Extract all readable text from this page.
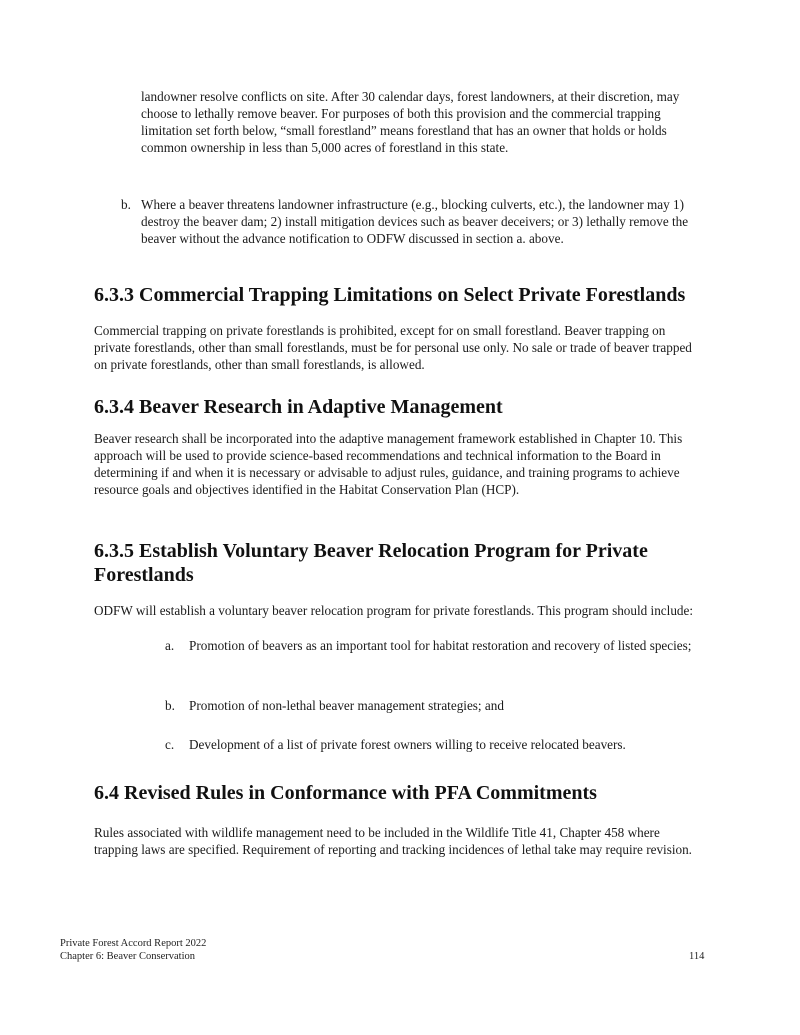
landowner resolve conflicts on site. After 30 calendar days, forest landowners, at their discretion, may choose to lethally remove beaver. For purposes of both this provision and the commercial trapping limitation set forth below, “small forestland” means forestland that has an owner that holds or holds common ownership in less than 5,000 acres of forestland in this state.

b. Where a beaver threatens landowner infrastructure (e.g., blocking culverts, etc.), the landowner may 1) destroy the beaver dam; 2) install mitigation devices such as beaver deceivers; or 3) lethally remove the beaver without the advance notification to ODFW discussed in section a. above.

6.3.3 Commercial Trapping Limitations on Select Private Forestlands

Commercial trapping on private forestlands is prohibited, except for on small forestland. Beaver trapping on private forestlands, other than small forestlands, must be for personal use only. No sale or trade of beaver trapped on private forestlands, other than small forestlands, is allowed.

6.3.4 Beaver Research in Adaptive Management

Beaver research shall be incorporated into the adaptive management framework established in Chapter 10. This approach will be used to provide science-based recommendations and technical information to the Board in determining if and when it is necessary or advisable to adjust rules, guidance, and training programs to achieve resource goals and objectives identified in the Habitat Conservation Plan (HCP).

6.3.5 Establish Voluntary Beaver Relocation Program for Private Forestlands

ODFW will establish a voluntary beaver relocation program for private forestlands. This program should include:

a. Promotion of beavers as an important tool for habitat restoration and recovery of listed species;

b. Promotion of non-lethal beaver management strategies; and

c. Development of a list of private forest owners willing to receive relocated beavers.

6.4 Revised Rules in Conformance with PFA Commitments

Rules associated with wildlife management need to be included in the Wildlife Title 41, Chapter 458 where trapping laws are specified. Requirement of reporting and tracking incidences of lethal take may require revision.

Private Forest Accord Report 2022
Chapter 6: Beaver Conservation	114
